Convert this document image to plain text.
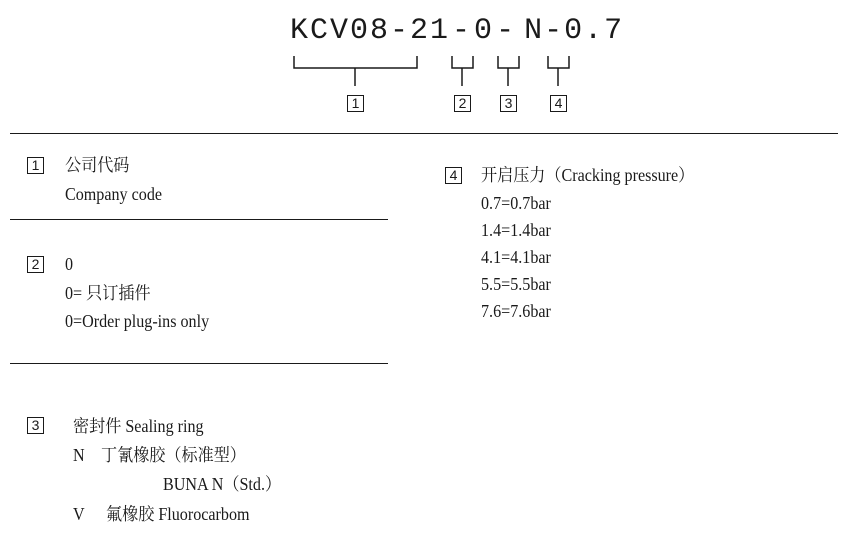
KCV08-21-0- N-0.7
1	2	3	4
1 公司代码
Company code
2 0
0= 只订插件
0=Order plug-ins only
3 密封件 Sealing ring
N 丁氰橡胶（标准型）
BUNA N（Std.）
V 氟橡胶 Fluorocarbom
4 开启压力（Cracking pressure）
0.7=0.7bar
1.4=1.4bar
4.1=4.1bar
5.5=5.5bar
7.6=7.6bar
